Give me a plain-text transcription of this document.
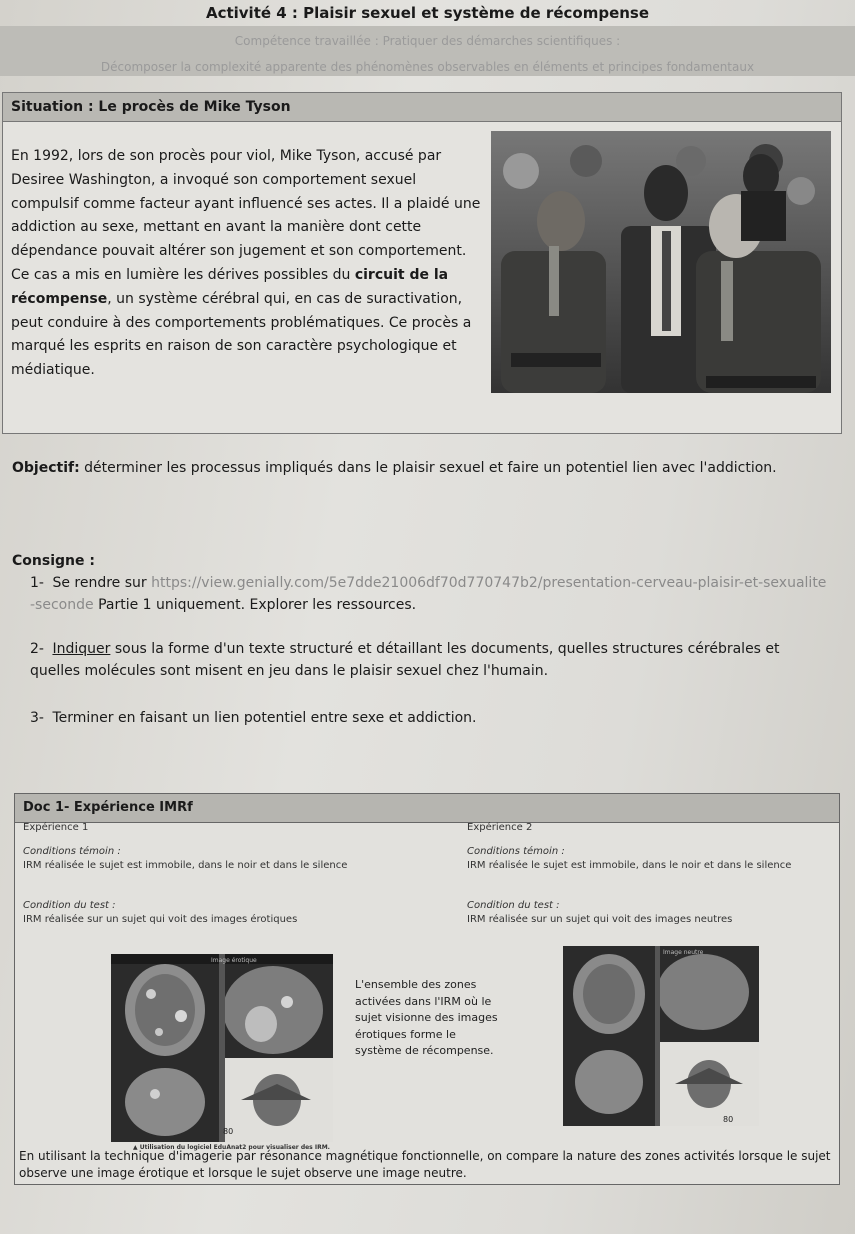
Activité 4 : Plaisir sexuel et système de récompense
Compétence travaillée : Pratiquer des démarches scientifiques :
Décomposer la complexité apparente des phénomènes observables en éléments et principes fondamentaux
Situation : Le procès de Mike Tyson
En 1992, lors de son procès pour viol, Mike Tyson, accusé par Desiree Washington, a invoqué son comportement sexuel compulsif comme facteur ayant influencé ses actes. Il a plaidé une addiction au sexe, mettant en avant la manière dont cette dépendance pouvait altérer son jugement et son comportement. Ce cas a mis en lumière les dérives possibles du circuit de la récompense, un système cérébral qui, en cas de suractivation, peut conduire à des comportements problématiques. Ce procès a marqué les esprits en raison de son caractère psychologique et médiatique.
Objectif: déterminer les processus impliqués dans le plaisir sexuel et faire un potentiel lien avec l'addiction.
Consigne :
1- Se rendre sur https://view.genially.com/5e7dde21006df70d770747b2/presentation-cerveau-plaisir-et-sexualite-seconde Partie 1 uniquement. Explorer les ressources.
2- Indiquer sous la forme d'un texte structuré et détaillant les documents, quelles structures cérébrales et quelles molécules sont misent en jeu dans le plaisir sexuel chez l'humain.
3- Terminer en faisant un lien potentiel entre sexe et addiction.
Doc 1- Expérience IMRf
Expérience 1
Conditions témoin :
IRM réalisée le sujet est immobile, dans le noir et dans le silence
Condition du test :
IRM réalisée sur un sujet qui voit des images érotiques
Expérience 2
Conditions témoin :
IRM réalisée le sujet est immobile, dans le noir et dans le silence
Condition du test :
IRM réalisée sur un sujet qui voit des images neutres
80
Image érotique
L'ensemble des zones activées dans l'IRM où le sujet visionne des images érotiques forme le système de récompense.
80
Image neutre
▲ Utilisation du logiciel EduAnat2 pour visualiser des IRM.
En utilisant la technique d'imagerie par résonance magnétique fonctionnelle, on compare la nature des zones activités lorsque le sujet observe une image érotique et lorsque le sujet observe une image neutre.
